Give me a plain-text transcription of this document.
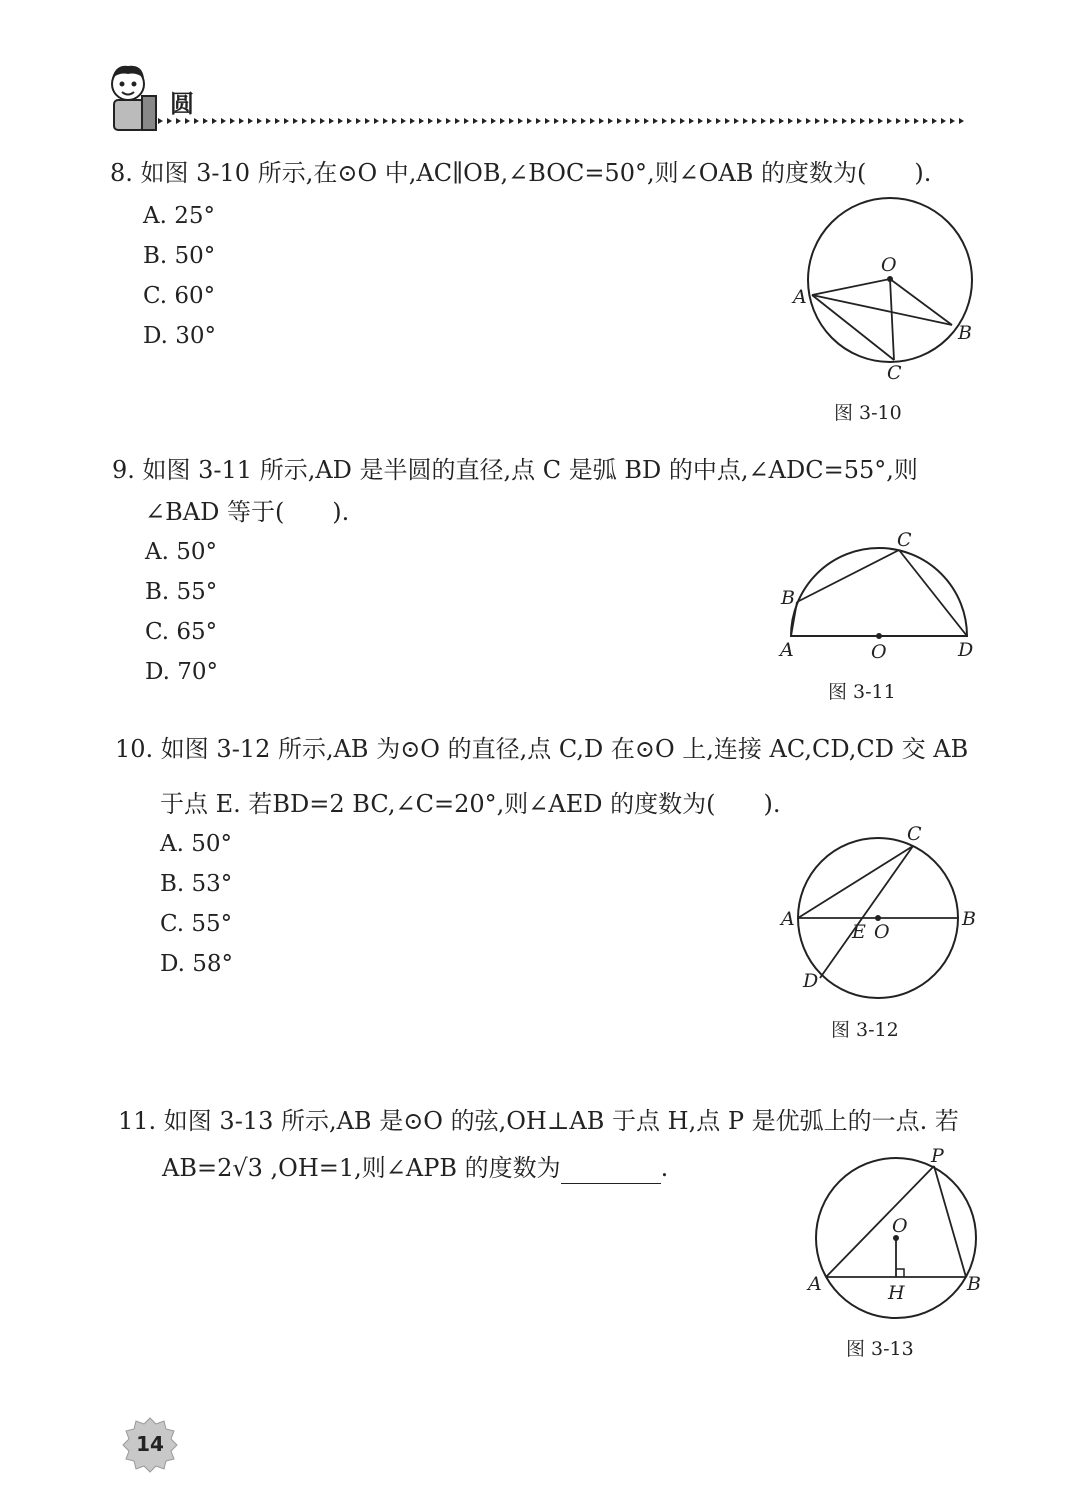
圆
8. 如图 3-10 所示,在⊙O 中,AC∥OB,∠BOC=50°,则∠OAB 的度数为(　　).
A. 25°
B. 50°
C. 60°
D. 30°
O
A
B
C
图 3-10
9. 如图 3-11 所示,AD 是半圆的直径,点 C 是弧 BD 的中点,∠ADC=55°,则
∠BAD 等于(　　).
A. 50°
B. 55°
C. 65°
D. 70°
C
B
A	O	D
图 3-11
10. 如图 3-12 所示,AB 为⊙O 的直径,点 C,D 在⊙O 上,连接 AC,CD,CD 交 AB
于点 E. 若BD=2 BC,∠C=20°,则∠AED 的度数为(　　).
A. 50°
B. 53°
C. 55°
D. 58°
C
A	B
E O
D
图 3-12
11. 如图 3-13 所示,AB 是⊙O 的弦,OH⊥AB 于点 H,点 P 是优弧上的一点. 若
AB=2√3 ,OH=1,则∠APB 的度数为	.	P
O
A	B
H
图 3-13
14
